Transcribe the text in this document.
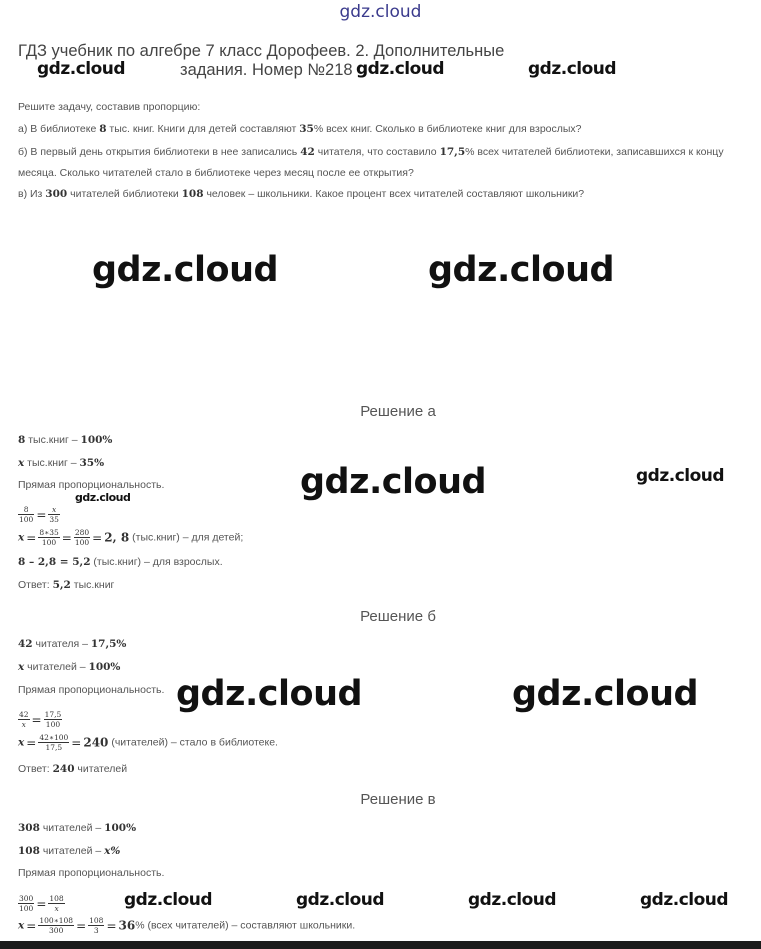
gdz.cloud
ГДЗ учебник по алгебре 7 класс Дорофеев. 2. Дополнительные
задания. Номер №218
gdz.cloud	gdz.cloud	gdz.cloud
Решите задачу, составив пропорцию:
а) В библиотеке 8 тыс. книг. Книги для детей составляют 35% всех книг. Сколько в библиотеке книг для взрослых?
б) В первый день открытия библиотеки в нее записались 42 читателя, что составило 17,5% всех читателей библиотеки, записавшихся к концу
месяца. Сколько читателей стало в библиотеке через месяц после ее открытия?
в) Из 300 читателей библиотеки 108 человек – школьники. Какое процент всех читателей составляют школьники?
gdz.cloud	gdz.cloud
Решение а
8 тыс.книг – 100%
x тыс.книг – 35%
Прямая пропорциональность.
gdz.cloud
$\frac{8}{100} = \frac{x}{35}$
$x = \frac{8∗35}{100} = \frac{280}{100} = 2$, 8 (тыс.книг) – для детей;
8 – 2,8 = 5,2 (тыс.книг) – для взрослых.
Ответ: 5,2 тыс.книг
gdz.cloud	gdz.cloud
Решение б
42 читателя – 17,5%
x читателей – 100%
Прямая пропорциональность.
$\frac{42}{x} = \frac{17,5}{100}$
$x = \frac{42∗100}{17,5} = 240$ (читателей) – стало в библиотеке.
Ответ: 240 читателей
gdz.cloud	gdz.cloud
Решение в
308 читателей – 100%
108 читателей – x%
Прямая пропорциональность.
$\frac{300}{100} = \frac{108}{x}$
$x = \frac{100∗108}{300} = \frac{108}{3} = 36\%$ (всех читателей) – составляют школьники.
gdz.cloud	gdz.cloud	gdz.cloud	gdz.cloud
